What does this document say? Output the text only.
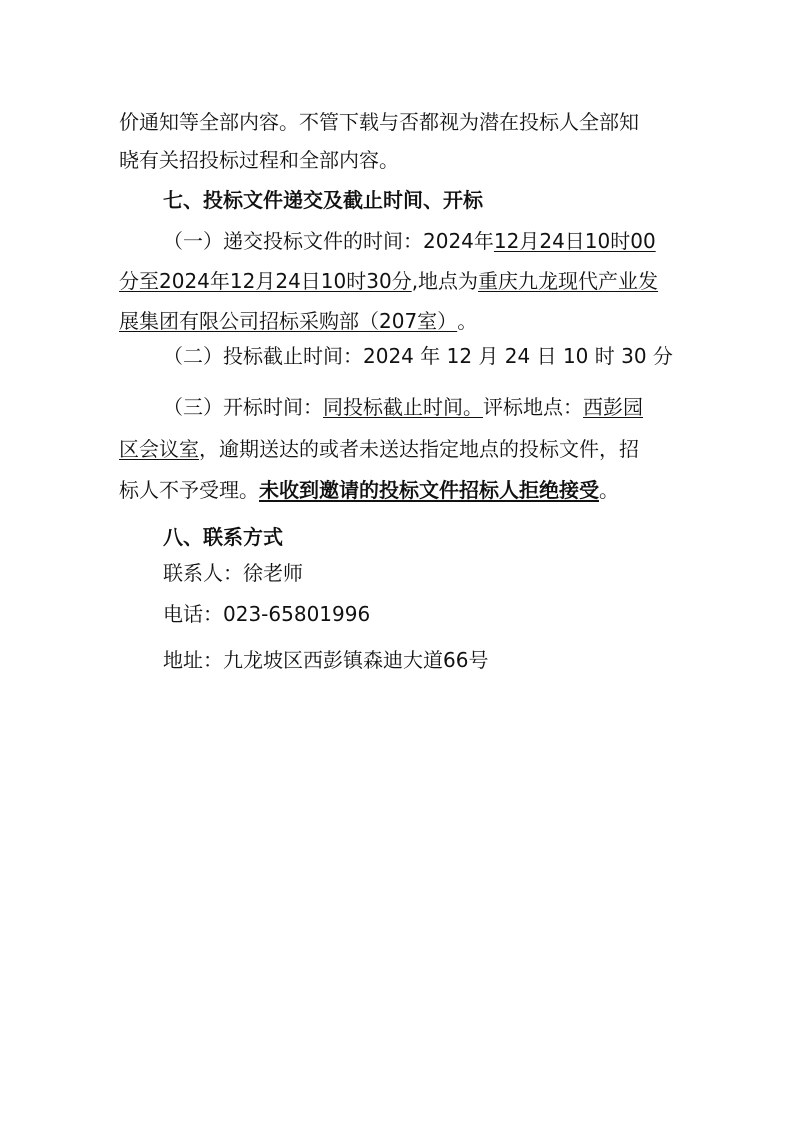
价通知等全部内容。不管下载与否都视为潜在投标人全部知
晓有关招投标过程和全部内容。
七、投标文件递交及截止时间、开标
（一）递交投标文件的时间：2024年12月24日10时00
分至2024年12月24日10时30分,地点为重庆九龙现代产业发
展集团有限公司招标采购部（207室）。
（二）投标截止时间：2024 年 12 月 24 日 10 时 30 分
（三）开标时间：同投标截止时间。评标地点：西彭园
区会议室，逾期送达的或者未送达指定地点的投标文件，招
标人不予受理。未收到邀请的投标文件招标人拒绝接受。
八、联系方式
联系人：徐老师
电话：023-65801996
地址：九龙坡区西彭镇森迪大道66号
